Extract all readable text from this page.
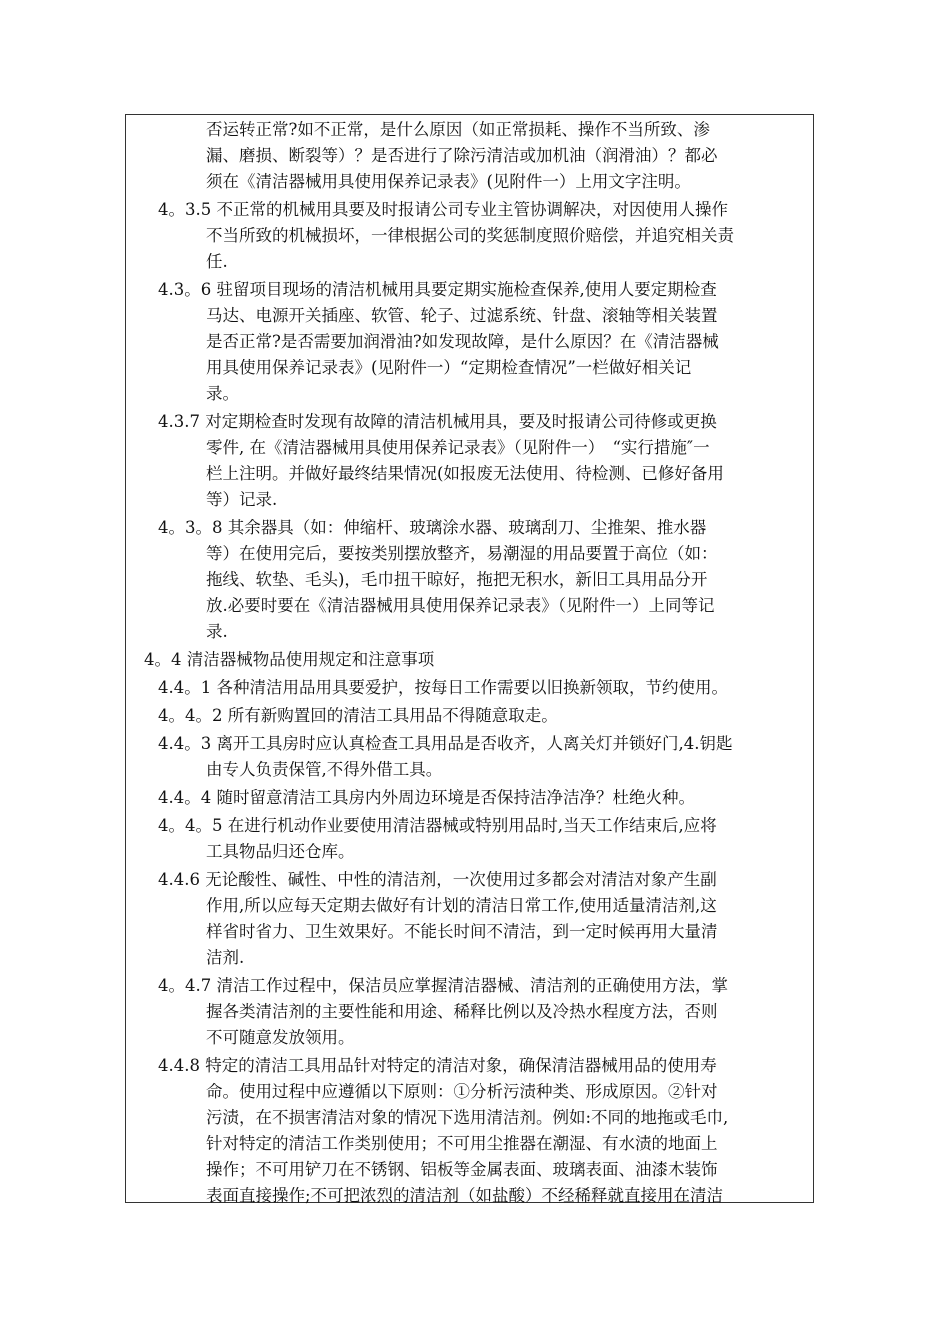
否运转正常?如不正常，是什么原因（如正常损耗、操作不当所致、渗
漏、磨损、断裂等）？是否进行了除污清洁或加机油（润滑油）？都必
须在《清洁器械用具使用保养记录表》(见附件一）上用文字注明。
4。3.5 不正常的机械用具要及时报请公司专业主管协调解决，对因使用人操作
不当所致的机械损坏，一律根据公司的奖惩制度照价赔偿，并追究相关责
任.
4.3。6 驻留项目现场的清洁机械用具要定期实施检查保养,使用人要定期检查
马达、电源开关插座、软管、轮子、过滤系统、针盘、滚轴等相关装置
是否正常?是否需要加润滑油?如发现故障，是什么原因？在《清洁器械
用具使用保养记录表》(见附件一）“定期检查情况”一栏做好相关记
录。
4.3.7 对定期检查时发现有故障的清洁机械用具，要及时报请公司待修或更换
零件, 在《清洁器械用具使用保养记录表》（见附件一）　“实行措施″一
栏上注明。并做好最终结果情况(如报废无法使用、待检测、已修好备用
等）记录.
4。3。8 其余器具（如：伸缩杆、玻璃涂水器、玻璃刮刀、尘推架、推水器
等）在使用完后，要按类别摆放整齐，易潮湿的用品要置于高位（如：
拖线、软垫、毛头)，毛巾扭干晾好，拖把无积水，新旧工具用品分开
放.必要时要在《清洁器械用具使用保养记录表》（见附件一）上同等记
录.
4。4 清洁器械物品使用规定和注意事项
4.4。1 各种清洁用品用具要爱护，按每日工作需要以旧换新领取，节约使用。
4。4。2 所有新购置回的清洁工具用品不得随意取走。
4.4。3 离开工具房时应认真检查工具用品是否收齐，人离关灯并锁好门,4.钥匙
由专人负责保管,不得外借工具。
4.4。4 随时留意清洁工具房内外周边环境是否保持洁净洁净？杜绝火种。
4。4。5 在进行机动作业要使用清洁器械或特别用品时,当天工作结束后,应将
工具物品归还仓库。
4.4.6 无论酸性、碱性、中性的清洁剂，一次使用过多都会对清洁对象产生副
作用,所以应每天定期去做好有计划的清洁日常工作,使用适量清洁剂,这
样省时省力、卫生效果好。不能长时间不清洁，到一定时候再用大量清
洁剂.
4。4.7 清洁工作过程中，保洁员应掌握清洁器械、清洁剂的正确使用方法，掌
握各类清洁剂的主要性能和用途、稀释比例以及冷热水程度方法，否则
不可随意发放领用。
4.4.8 特定的清洁工具用品针对特定的清洁对象，确保清洁器械用品的使用寿
命。使用过程中应遵循以下原则：①分析污渍种类、形成原因。②针对
污渍，在不损害清洁对象的情况下选用清洁剂。例如:不同的地拖或毛巾,
针对特定的清洁工作类别使用；不可用尘推器在潮湿、有水渍的地面上
操作；不可用铲刀在不锈钢、铝板等金属表面、玻璃表面、油漆木装饰
表面直接操作;不可把浓烈的清洁剂（如盐酸）不经稀释就直接用在清洁
